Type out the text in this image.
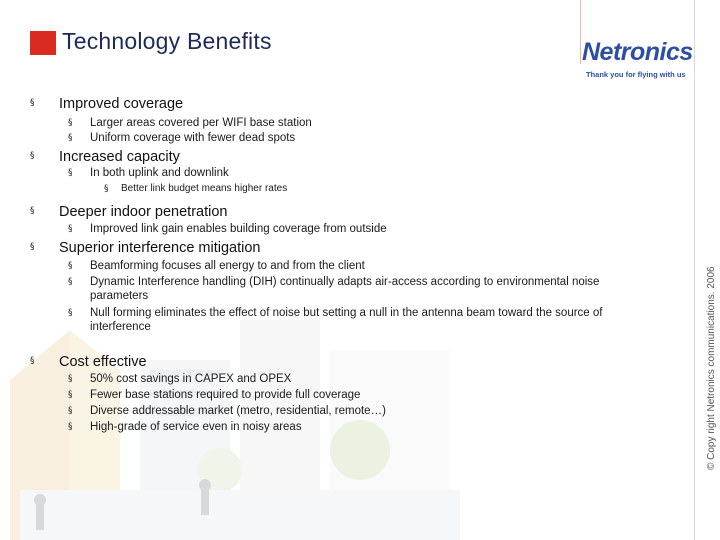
Technology Benefits	Netronics
Thank you for flying with us
© Copy right Netronics communications. 2006
§ Improved coverage
§ Larger areas covered per WIFI base station
§ Uniform coverage with fewer dead spots
§ Increased capacity
§ In both uplink and downlink
§ Better link budget means higher rates
§ Deeper indoor penetration
§ Improved link gain enables building coverage from outside
§ Superior interference mitigation
§ Beamforming focuses all energy to and from the client
§ Dynamic Interference handling (DIH) continually adapts air-access according to environmental noise parameters
§ Null forming eliminates the effect of noise but setting a null in the antenna beam toward the source of interference
§ Cost effective
§ 50% cost savings in CAPEX and OPEX
§ Fewer base stations required to provide full coverage
§ Diverse addressable market (metro, residential, remote…)
§ High-grade of service even in noisy areas
